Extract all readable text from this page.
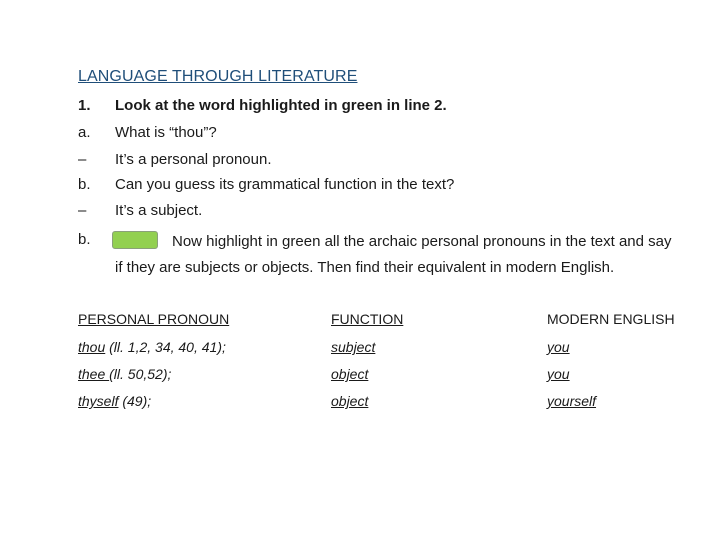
LANGUAGE THROUGH LITERATURE
1. Look at the word highlighted in green in line 2.
a. What is “thou”?
– It’s a personal pronoun.
b. Can you guess its grammatical function in the text?
– It’s a subject.
b.	Now highlight in green all the archaic personal pronouns in the text and say if they are subjects or objects. Then find their equivalent in modern English.
PERSONAL PRONOUN	FUNCTION	MODERN ENGLISH
thou (ll. 1,2, 34, 40, 41);	subject	you
thee (ll. 50,52);	object	you
thyself (49);	object	yourself
